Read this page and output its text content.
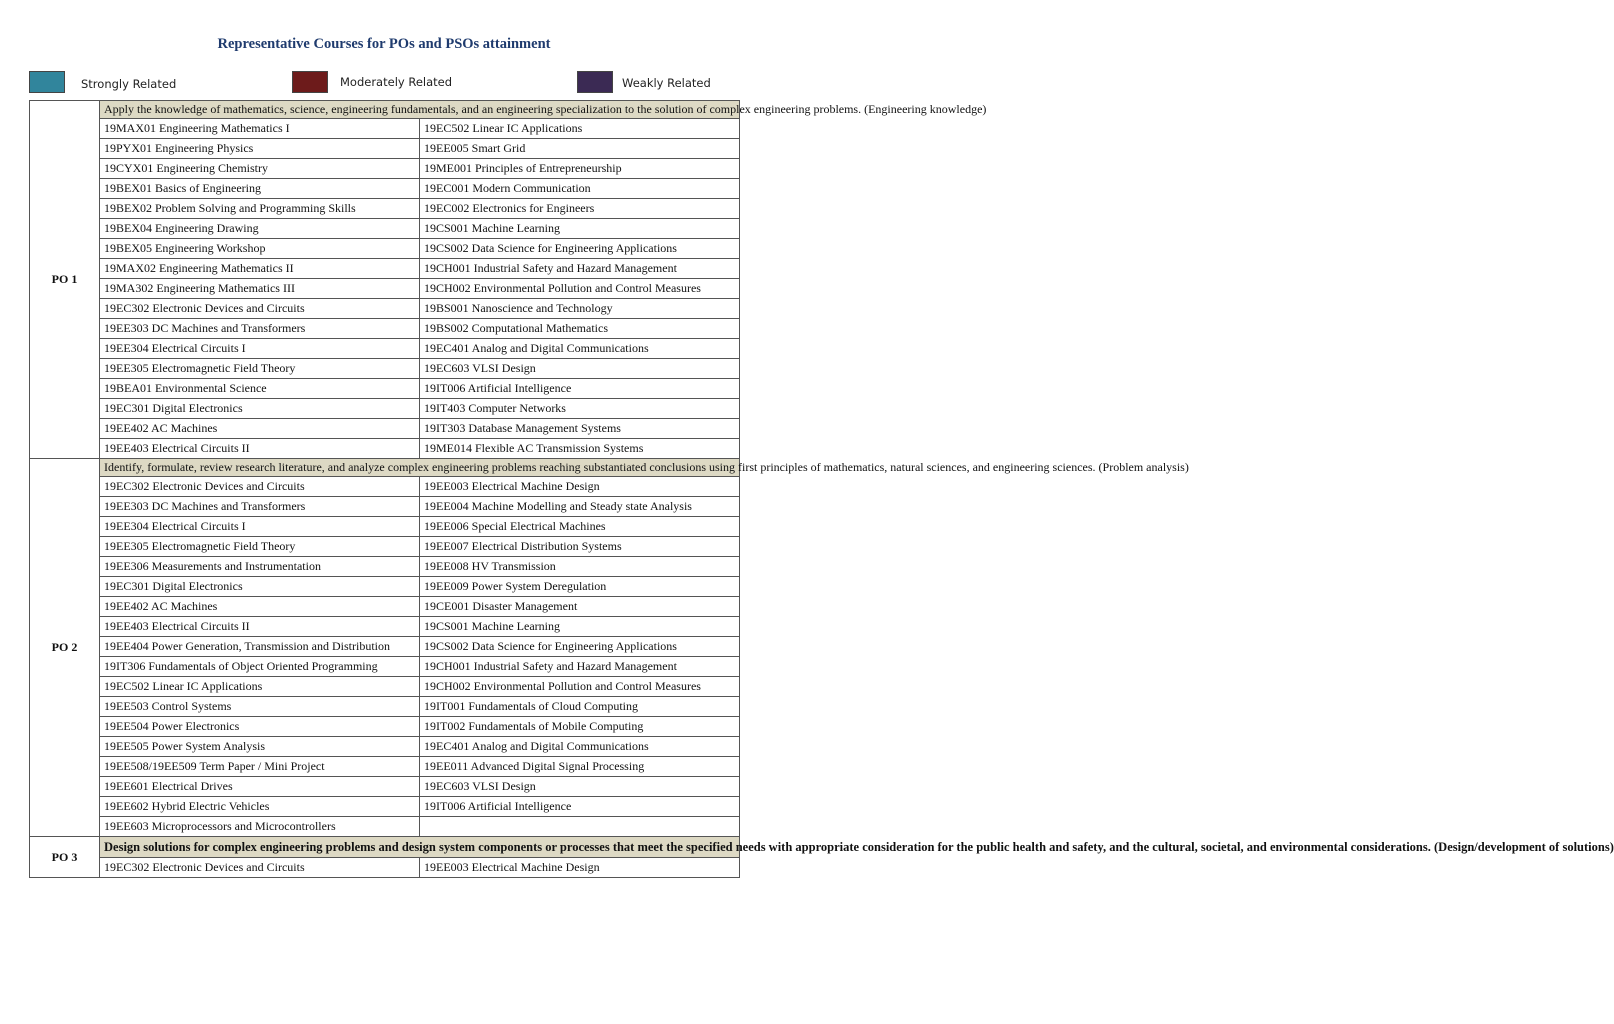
Representative Courses for POs and PSOs attainment
Strongly Related	Moderately Related	Weakly Related
PO 1	Apply the knowledge of mathematics, science, engineering fundamentals, and an engineering specialization to the solution of complex engineering problems. (Engineering knowledge)	
	19MAX01 Engineering Mathematics I	19EC502 Linear IC Applications
	19PYX01 Engineering Physics	19EE005 Smart Grid
	19CYX01 Engineering Chemistry	19ME001 Principles of Entrepreneurship
	19BEX01 Basics of Engineering	19EC001 Modern Communication
	19BEX02 Problem Solving and Programming Skills	19EC002 Electronics for Engineers
	19BEX04 Engineering Drawing	19CS001 Machine Learning
	19BEX05 Engineering Workshop	19CS002 Data Science for Engineering Applications
	19MAX02 Engineering Mathematics II	19CH001 Industrial Safety and Hazard Management
	19MA302 Engineering Mathematics III	19CH002 Environmental Pollution and Control Measures
	19EC302 Electronic Devices and Circuits	19BS001 Nanoscience and Technology
	19EE303 DC Machines and Transformers	19BS002 Computational Mathematics
	19EE304 Electrical Circuits I	19EC401 Analog and Digital Communications
	19EE305 Electromagnetic Field Theory	19EC603 VLSI Design
	19BEA01 Environmental Science	19IT006 Artificial Intelligence
	19EC301 Digital Electronics	19IT403 Computer Networks
	19EE402 AC Machines	19IT303 Database Management Systems
	19EE403 Electrical Circuits II	19ME014 Flexible AC Transmission Systems
PO 2	Identify, formulate, review research literature, and analyze complex engineering problems reaching substantiated conclusions using first principles of mathematics, natural sciences, and engineering sciences. (Problem analysis)	
	19EC302 Electronic Devices and Circuits	19EE003 Electrical Machine Design
	19EE303 DC Machines and Transformers	19EE004 Machine Modelling and Steady state Analysis
	19EE304 Electrical Circuits I	19EE006 Special Electrical Machines
	19EE305 Electromagnetic Field Theory	19EE007 Electrical Distribution Systems
	19EE306 Measurements and Instrumentation	19EE008 HV Transmission
	19EC301 Digital Electronics	19EE009 Power System Deregulation
	19EE402 AC Machines	19CE001 Disaster Management
	19EE403 Electrical Circuits II	19CS001 Machine Learning
	19EE404 Power Generation, Transmission and Distribution	19CS002 Data Science for Engineering Applications
	19IT306 Fundamentals of Object Oriented Programming	19CH001 Industrial Safety and Hazard Management
	19EC502 Linear IC Applications	19CH002 Environmental Pollution and Control Measures
	19EE503 Control Systems	19IT001 Fundamentals of Cloud Computing
	19EE504 Power Electronics	19IT002 Fundamentals of Mobile Computing
	19EE505 Power System Analysis	19EC401 Analog and Digital Communications
	19EE508/19EE509 Term Paper / Mini Project	19EE011 Advanced Digital Signal Processing
	19EE601 Electrical Drives	19EC603 VLSI Design
	19EE602 Hybrid Electric Vehicles	19IT006 Artificial Intelligence
	19EE603 Microprocessors and Microcontrollers	
PO 3	Design solutions for complex engineering problems and design system components or processes that meet the specified needs with appropriate consideration for the public health and safety, and the cultural, societal, and environmental considerations. (Design/development of solutions)	
	19EC302 Electronic Devices and Circuits	19EE003 Electrical Machine Design
